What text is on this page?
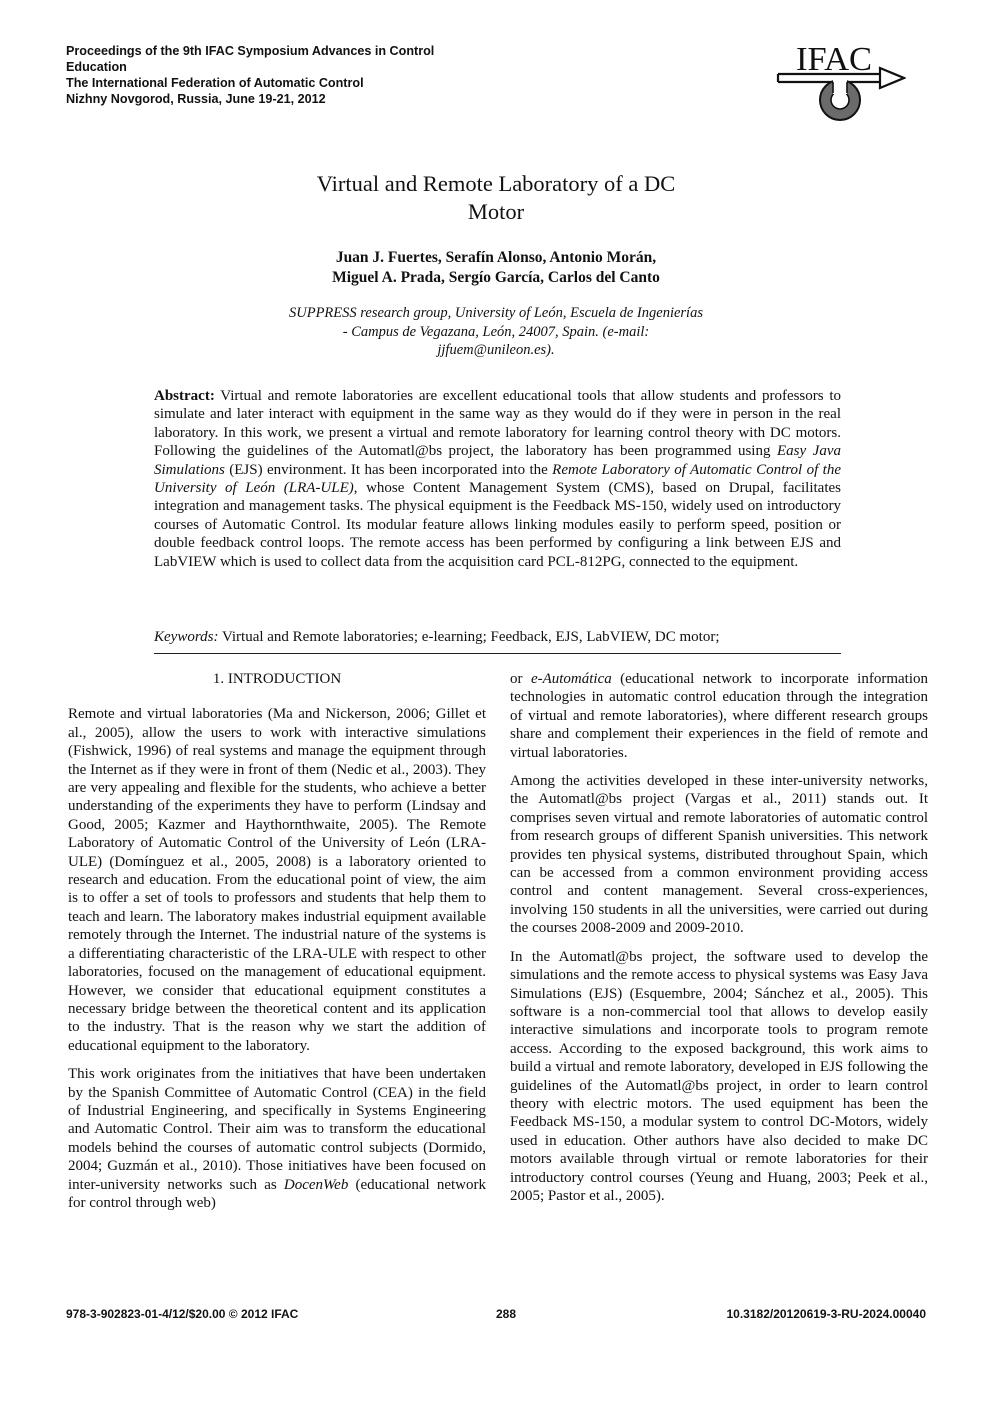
Proceedings of the 9th IFAC Symposium Advances in Control
Education
The International Federation of Automatic Control
Nizhny Novgorod, Russia, June 19-21, 2012
IFAC
Virtual and Remote Laboratory of a DC
Motor
Juan J. Fuertes, Serafín Alonso, Antonio Morán,
Miguel A. Prada, Sergío García, Carlos del Canto
SUPPRESS research group, University of León, Escuela de Ingenierías
- Campus de Vegazana, León, 24007, Spain. (e-mail:
jjfuem@unileon.es).
Abstract: Virtual and remote laboratories are excellent educational tools that allow students and professors to simulate and later interact with equipment in the same way as they would do if they were in person in the real laboratory. In this work, we present a virtual and remote laboratory for learning control theory with DC motors. Following the guidelines of the Automatl@bs project, the laboratory has been programmed using Easy Java Simulations (EJS) environment. It has been incorporated into the Remote Laboratory of Automatic Control of the University of León (LRA-ULE), whose Content Management System (CMS), based on Drupal, facilitates integration and management tasks. The physical equipment is the Feedback MS-150, widely used on introductory courses of Automatic Control. Its modular feature allows linking modules easily to perform speed, position or double feedback control loops. The remote access has been performed by configuring a link between EJS and LabVIEW which is used to collect data from the acquisition card PCL-812PG, connected to the equipment.
Keywords: Virtual and Remote laboratories; e-learning; Feedback, EJS, LabVIEW, DC motor;
1. INTRODUCTION

Remote and virtual laboratories (Ma and Nickerson, 2006; Gillet et al., 2005), allow the users to work with interactive simulations (Fishwick, 1996) of real systems and manage the equipment through the Internet as if they were in front of them (Nedic et al., 2003). They are very appealing and flexible for the students, who achieve a better understanding of the experiments they have to perform (Lindsay and Good, 2005; Kazmer and Haythornthwaite, 2005). The Remote Laboratory of Automatic Control of the University of León (LRA-ULE) (Domínguez et al., 2005, 2008) is a laboratory oriented to research and education. From the educational point of view, the aim is to offer a set of tools to professors and students that help them to teach and learn. The laboratory makes industrial equipment available remotely through the Internet. The industrial nature of the systems is a differentiating characteristic of the LRA-ULE with respect to other laboratories, focused on the management of educational equipment. However, we consider that educational equipment constitutes a necessary bridge between the theoretical content and its application to the industry. That is the reason why we start the addition of educational equipment to the laboratory.

This work originates from the initiatives that have been undertaken by the Spanish Committee of Automatic Control (CEA) in the field of Industrial Engineering, and specifically in Systems Engineering and Automatic Control. Their aim was to transform the educational models behind the courses of automatic control subjects (Dormido, 2004; Guzmán et al., 2010). Those initiatives have been focused on inter-university networks such as DocenWeb (educational network for control through web)

or e-Automática (educational network to incorporate information technologies in automatic control education through the integration of virtual and remote laboratories), where different research groups share and complement their experiences in the field of remote and virtual laboratories.

Among the activities developed in these inter-university networks, the Automatl@bs project (Vargas et al., 2011) stands out. It comprises seven virtual and remote laboratories of automatic control from research groups of different Spanish universities. This network provides ten physical systems, distributed throughout Spain, which can be accessed from a common environment providing access control and content management. Several cross-experiences, involving 150 students in all the universities, were carried out during the courses 2008-2009 and 2009-2010.

In the Automatl@bs project, the software used to develop the simulations and the remote access to physical systems was Easy Java Simulations (EJS) (Esquembre, 2004; Sánchez et al., 2005). This software is a non-commercial tool that allows to develop easily interactive simulations and incorporate tools to program remote access. According to the exposed background, this work aims to build a virtual and remote laboratory, developed in EJS following the guidelines of the Automatl@bs project, in order to learn control theory with electric motors. The used equipment has been the Feedback MS-150, a modular system to control DC-Motors, widely used in education. Other authors have also decided to make DC motors available through virtual or remote laboratories for their introductory control courses (Yeung and Huang, 2003; Peek et al., 2005; Pastor et al., 2005).

978-3-902823-01-4/12/$20.00 © 2012 IFAC	288	10.3182/20120619-3-RU-2024.00040
